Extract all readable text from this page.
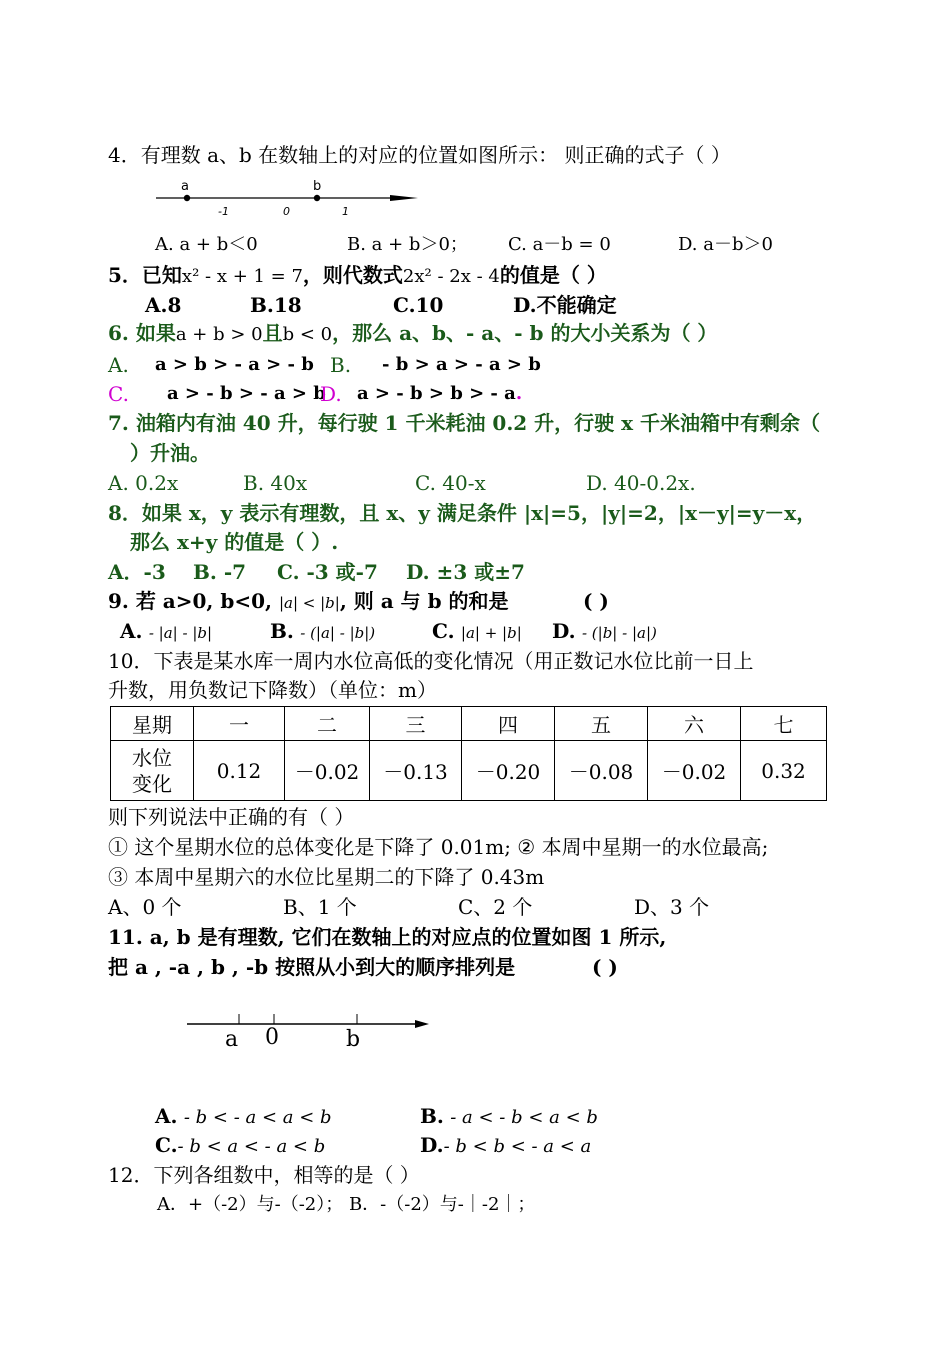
4．有理数 a、b 在数轴上的对应的位置如图所示： 则正确的式子（ ）
a	b
-1	0	1
A. a + b＜0	B. a + b＞0； C. a－b = 0	D. a－b＞0
5．已知x² - x + 1 = 7，则代数式2x² - 2x - 4的值是（ ）
A.8	B.18	C.10	D.不能确定
6. 如果a + b > 0且b < 0，那么 a、b、- a、- b 的大小关系为（ ）
A. a > b > - a > - b B. - b > a > - a > b
C. a > - b > - a > b
D. a > - b > b > - a.
7. 油箱内有油 40 升，每行驶 1 千米耗油 0.2 升，行驶 x 千米油箱中有剩余（
）升油。
A. 0.2x	B. 40x	C. 40-x	D. 40-0.2x.
8．如果 x，y 表示有理数，且 x、y 满足条件 |x|=5，|y|=2，|x－y|=y－x，
那么 x+y 的值是（ ）.
A．-3 B. -7 C. -3 或-7 D. ±3 或±7
9. 若 a>0, b<0, |a| < |b|, 则 a 与 b 的和是	( )
A. - |a| - |b|	B. - (|a| - |b|)	C. |a| + |b| D. - (|b| - |a|)
10．下表是某水库一周内水位高低的变化情况（用正数记水位比前一日上
升数，用负数记下降数）（单位：m）
星期	一	二	三	四	五	六	七
水位
变化	0.12	－0.02	－0.13	－0.20	－0.08	－0.02	0.32
则下列说法中正确的有（ ）
① 这个星期水位的总体变化是下降了 0.01m; ② 本周中星期一的水位最高;
③ 本周中星期六的水位比星期二的下降了 0.43m
A、0 个	B、1 个	C、2 个	D、3 个
11. a, b 是有理数, 它们在数轴上的对应点的位置如图 1 所示,
把 a , -a , b , -b 按照从小到大的顺序排列是	( )
a 0	b
A. - b < - a < a < b	B. - a < - b < a < b
C.- b < a < - a < b	D.- b < b < - a < a
12．下列各组数中，相等的是（ ）
A．+（-2）与-（-2）； B．-（-2）与-｜-2｜；
